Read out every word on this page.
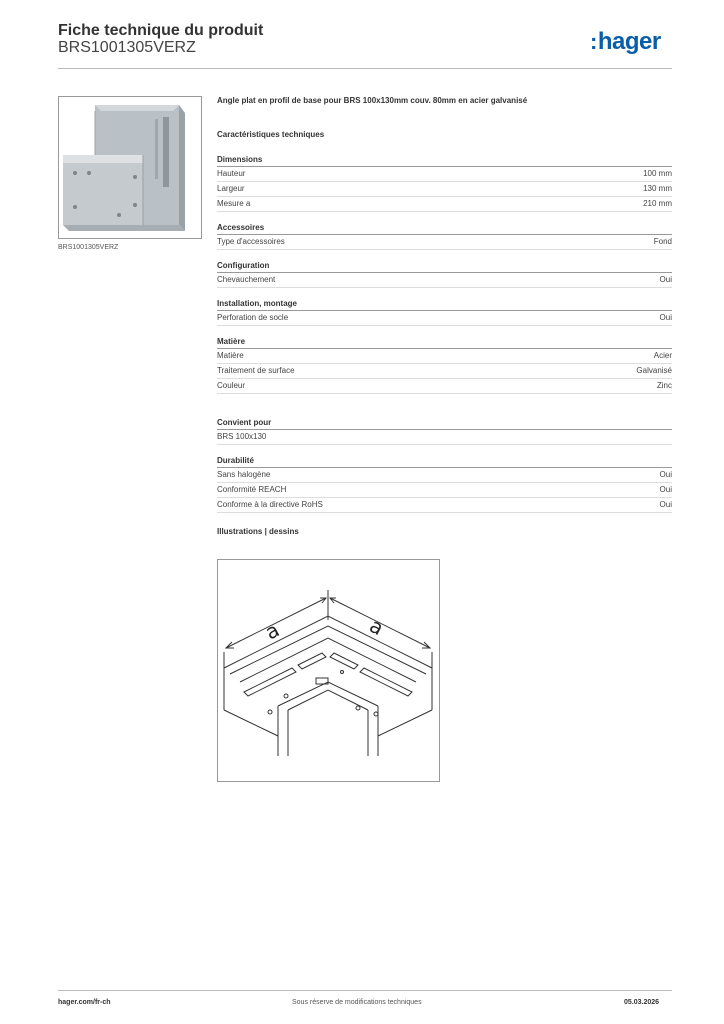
Fiche technique du produit
BRS1001305VERZ	:hager
BRS1001305VERZ
Angle plat en profil de base pour BRS 100x130mm couv. 80mm en acier galvanisé
Caractéristiques techniques
Dimensions
Hauteur	100 mm
Largeur	130 mm
Mesure a	210 mm
Accessoires
Type d'accessoires	Fond
Configuration
Chevauchement	Oui
Installation, montage
Perforation de socle	Oui
Matière
Matière	Acier
Traitement de surface	Galvanisé
Couleur	Zinc
Convient pour
BRS 100x130
Durabilité
Sans halogène	Oui
Conformité REACH	Oui
Conforme à la directive RoHS	Oui
Illustrations | dessins
a	a
hager.com/fr-ch	Sous réserve de modifications techniques	05.03.2026
